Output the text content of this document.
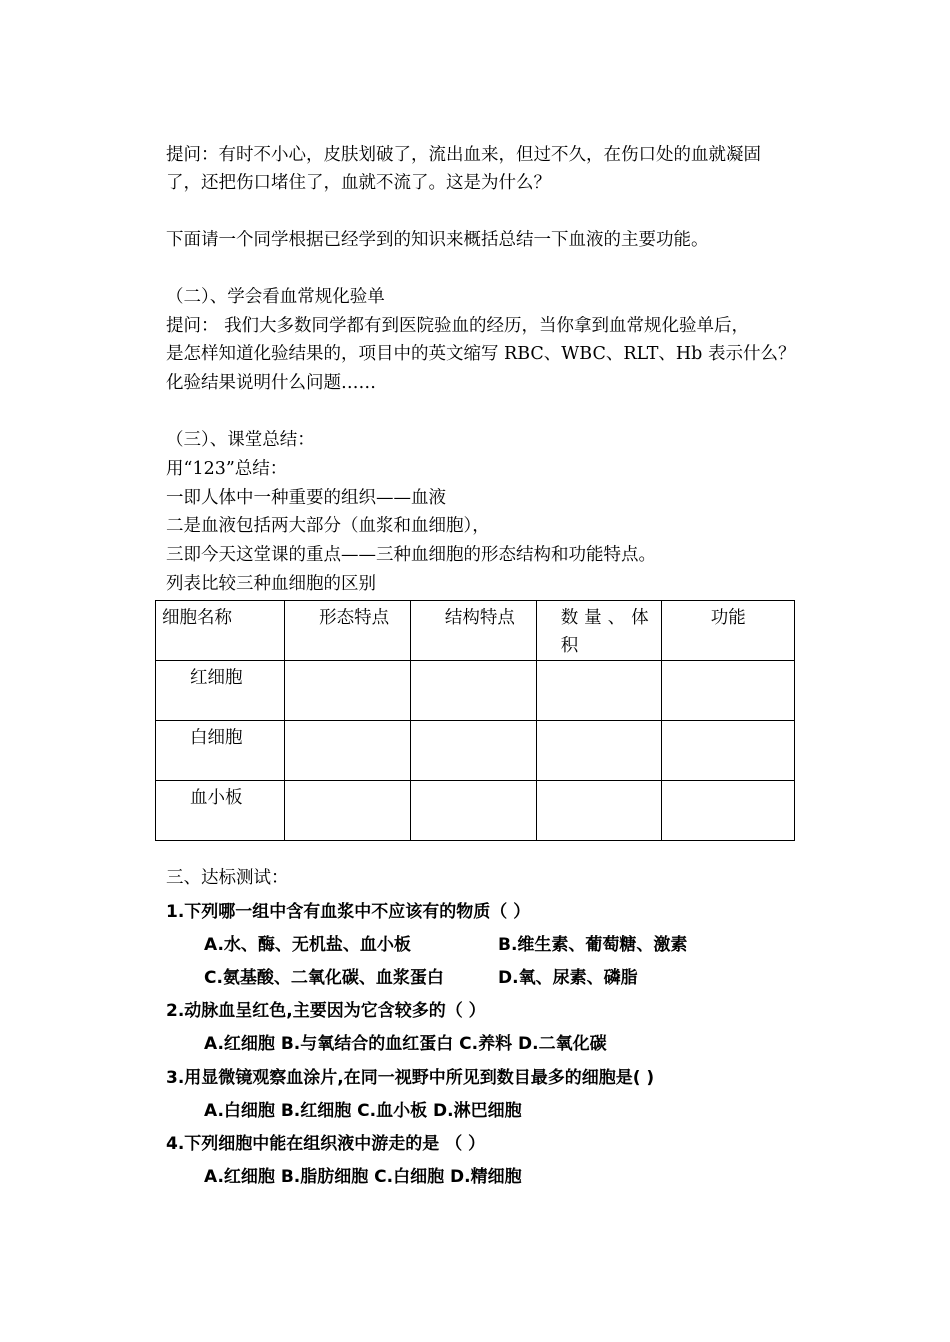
提问：有时不小心，皮肤划破了，流出血来，但过不久，在伤口处的血就凝固
了，还把伤口堵住了，血就不流了。这是为什么？
下面请一个同学根据已经学到的知识来概括总结一下血液的主要功能。
（二）、学会看血常规化验单
提问： 我们大多数同学都有到医院验血的经历，当你拿到血常规化验单后，
是怎样知道化验结果的，项目中的英文缩写 RBC、WBC、RLT、Hb 表示什么？
化验结果说明什么问题……
（三）、课堂总结：
用“123”总结：
一即人体中一种重要的组织——血液
二是血液包括两大部分（血浆和血细胞），
三即今天这堂课的重点——三种血细胞的形态结构和功能特点。
列表比较三种血细胞的区别
细胞名称	形态特点	结构特点	数量、体积	功能
红细胞				
白细胞				
血小板				
三、达标测试：
1.下列哪一组中含有血浆中不应该有的物质（ ）
A.水、酶、无机盐、血小板	B.维生素、葡萄糖、激素
C.氨基酸、二氧化碳、血浆蛋白	D.氧、尿素、磷脂
2.动脉血呈红色,主要因为它含较多的（ ）
A.红细胞 B.与氧结合的血红蛋白 C.养料 D.二氧化碳
3.用显微镜观察血涂片,在同一视野中所见到数目最多的细胞是( )
A.白细胞 B.红细胞 C.血小板 D.淋巴细胞
4.下列细胞中能在组织液中游走的是 （ ）
A.红细胞 B.脂肪细胞 C.白细胞 D.精细胞
